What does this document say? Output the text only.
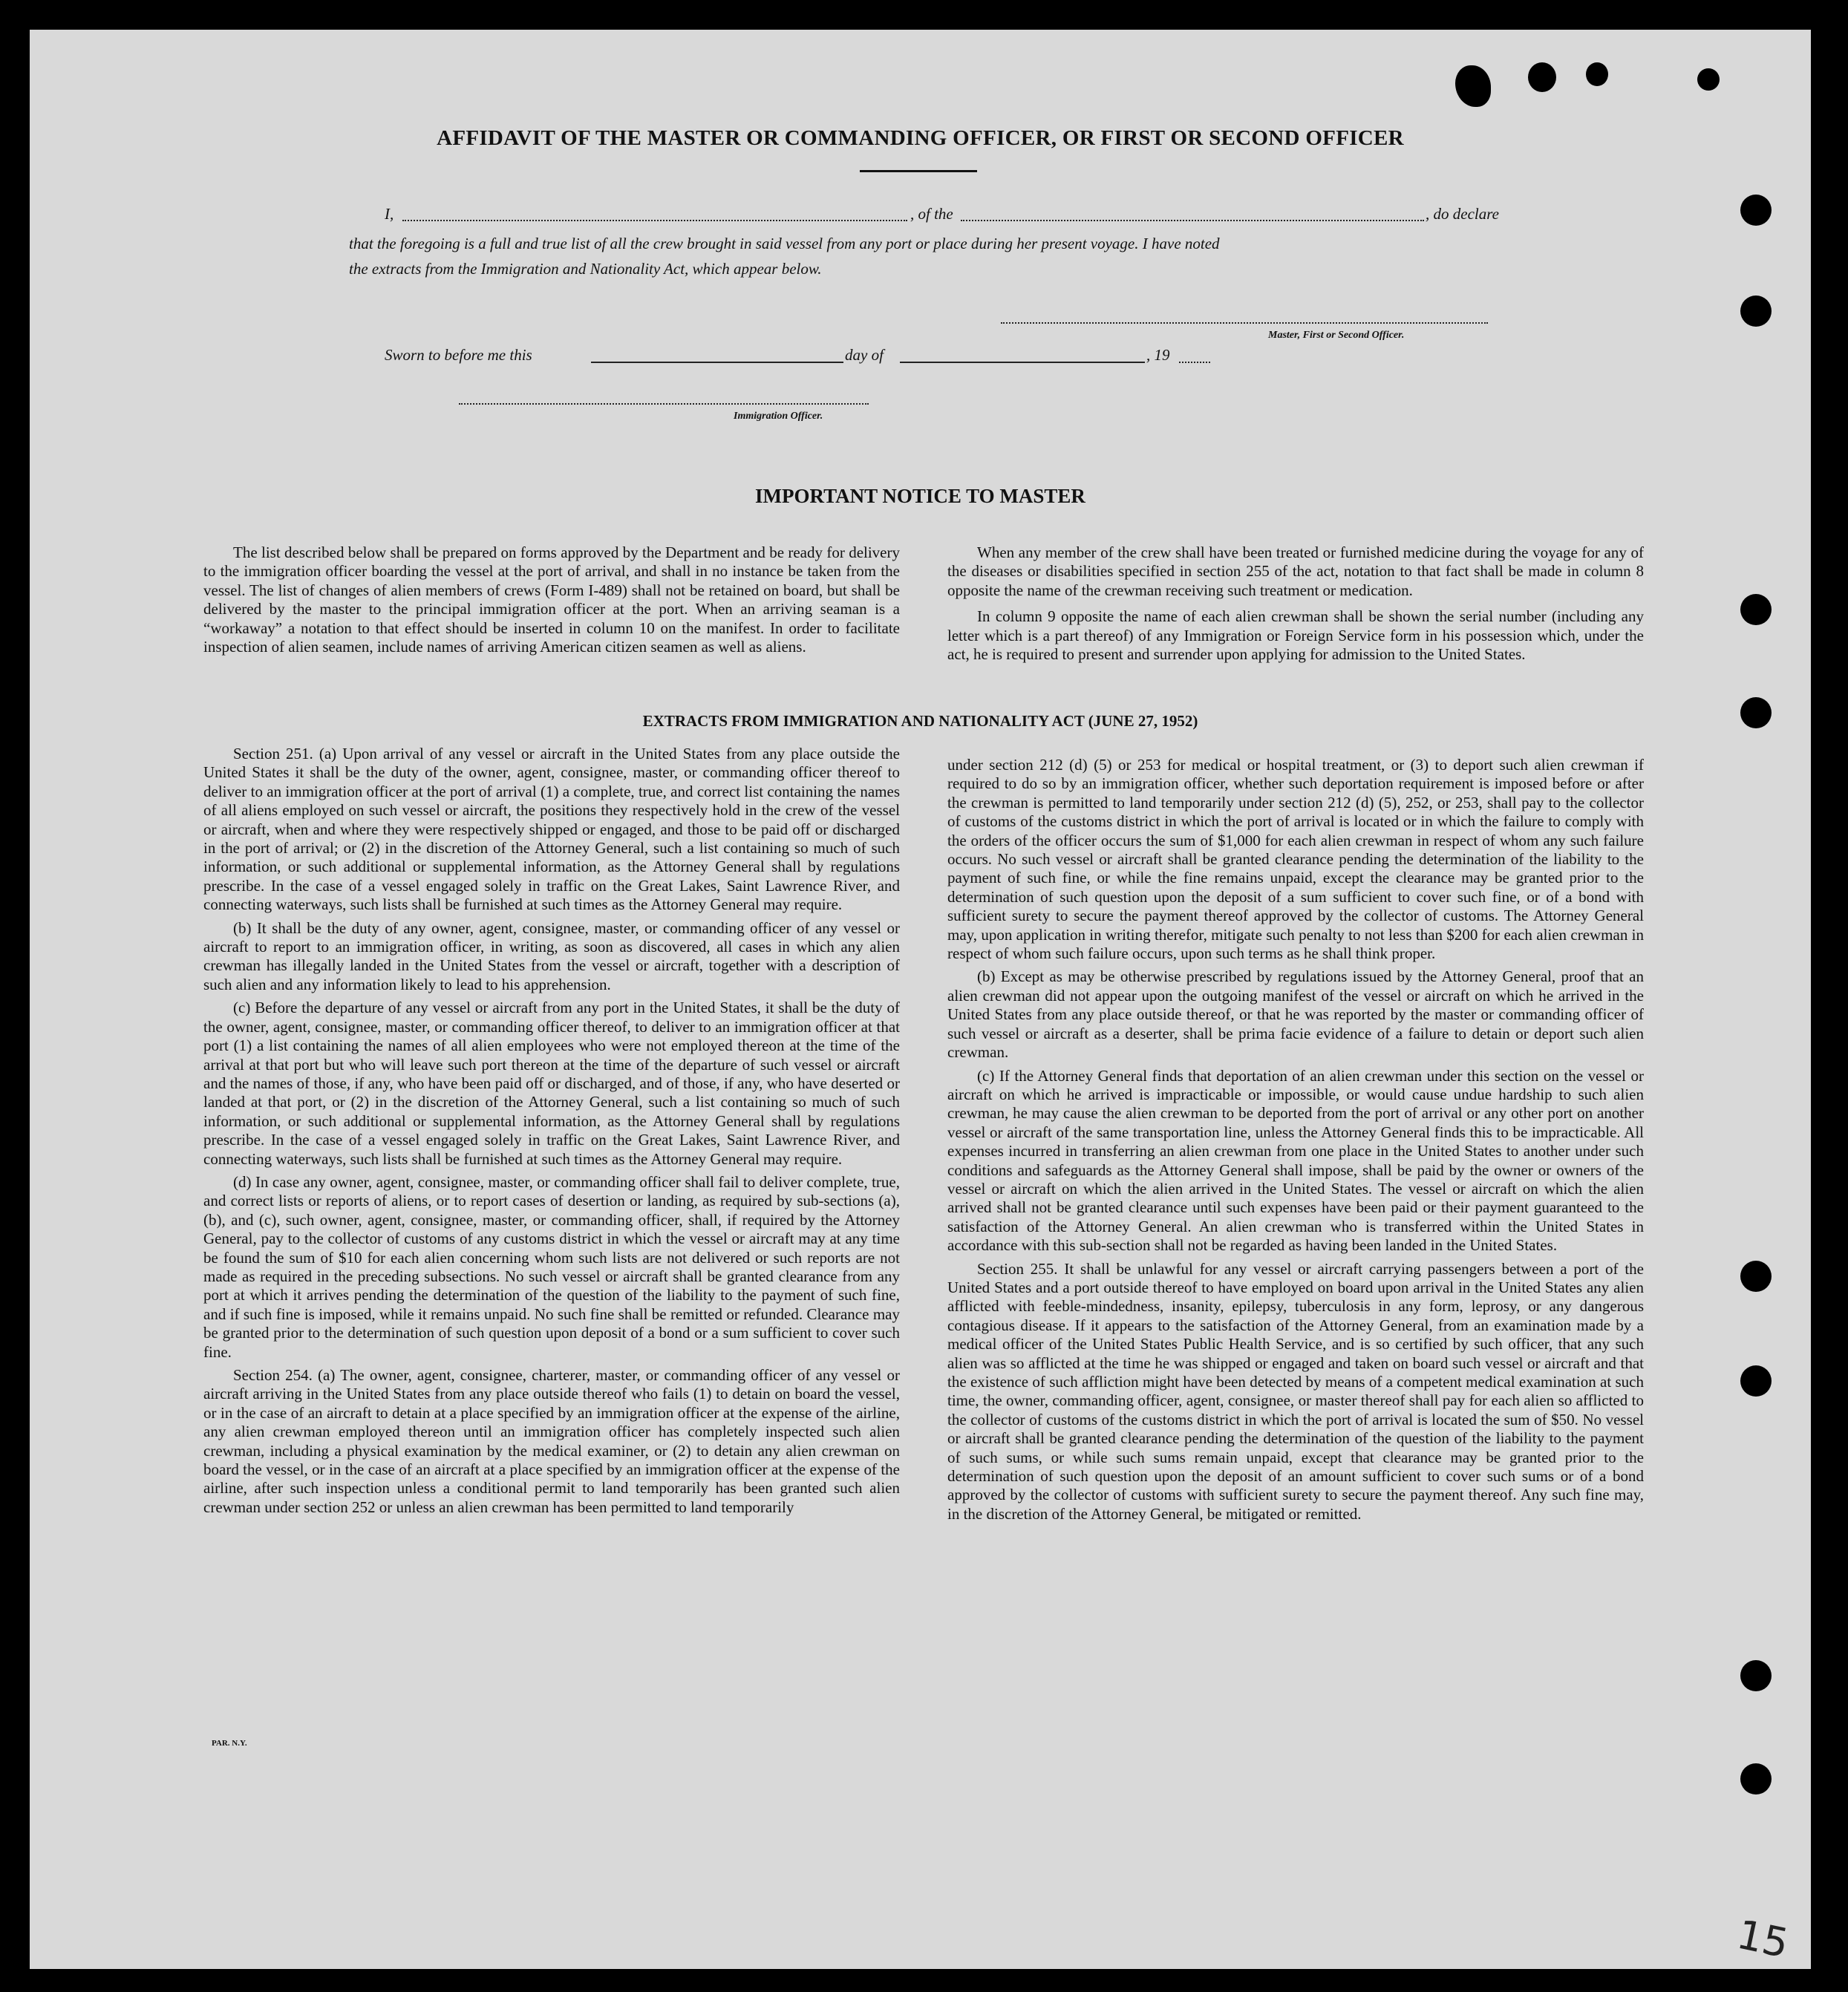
AFFIDAVIT OF THE MASTER OR COMMANDING OFFICER, OR FIRST OR SECOND OFFICER
I,	, of the	, do declare
that the foregoing is a full and true list of all the crew brought in said vessel from any port or place during her present voyage. I have noted
the extracts from the Immigration and Nationality Act, which appear below.
Master, First or Second Officer.
Sworn to before me this	day of	, 19
Immigration Officer.
IMPORTANT NOTICE TO MASTER

The list described below shall be prepared on forms approved by the Department and be ready for delivery to the immigration officer boarding the vessel at the port of arrival, and shall in no instance be taken from the vessel. The list of changes of alien members of crews (Form I-489) shall not be retained on board, but shall be delivered by the master to the principal immigration officer at the port. When an arriving seaman is a “workaway” a notation to that effect should be inserted in column 10 on the manifest. In order to facilitate inspection of alien seamen, include names of arriving American citizen seamen as well as aliens.

When any member of the crew shall have been treated or furnished medicine during the voyage for any of the diseases or disabilities specified in section 255 of the act, notation to that fact shall be made in column 8 opposite the name of the crewman receiving such treatment or medication.

In column 9 opposite the name of each alien crewman shall be shown the serial number (including any letter which is a part thereof) of any Immigration or Foreign Service form in his possession which, under the act, he is required to present and surrender upon applying for admission to the United States.

EXTRACTS FROM IMMIGRATION AND NATIONALITY ACT (JUNE 27, 1952)

Section 251. (a) Upon arrival of any vessel or aircraft in the United States from any place outside the United States it shall be the duty of the owner, agent, consignee, master, or commanding officer thereof to deliver to an immigration officer at the port of arrival (1) a complete, true, and correct list containing the names of all aliens employed on such vessel or aircraft, the positions they respectively hold in the crew of the vessel or aircraft, when and where they were respectively shipped or engaged, and those to be paid off or discharged in the port of arrival; or (2) in the discretion of the Attorney General, such a list containing so much of such information, or such additional or supplemental information, as the Attorney General shall by regulations prescribe. In the case of a vessel engaged solely in traffic on the Great Lakes, Saint Lawrence River, and connecting waterways, such lists shall be furnished at such times as the Attorney General may require.

(b) It shall be the duty of any owner, agent, consignee, master, or commanding officer of any vessel or aircraft to report to an immigration officer, in writing, as soon as discovered, all cases in which any alien crewman has illegally landed in the United States from the vessel or aircraft, together with a description of such alien and any information likely to lead to his apprehension.

(c) Before the departure of any vessel or aircraft from any port in the United States, it shall be the duty of the owner, agent, consignee, master, or commanding officer thereof, to deliver to an immigration officer at that port (1) a list containing the names of all alien employees who were not employed thereon at the time of the arrival at that port but who will leave such port thereon at the time of the departure of such vessel or aircraft and the names of those, if any, who have been paid off or discharged, and of those, if any, who have deserted or landed at that port, or (2) in the discretion of the Attorney General, such a list containing so much of such information, or such additional or supplemental information, as the Attorney General shall by regulations prescribe. In the case of a vessel engaged solely in traffic on the Great Lakes, Saint Lawrence River, and connecting waterways, such lists shall be furnished at such times as the Attorney General may require.

(d) In case any owner, agent, consignee, master, or commanding officer shall fail to deliver complete, true, and correct lists or reports of aliens, or to report cases of desertion or landing, as required by sub-sections (a), (b), and (c), such owner, agent, consignee, master, or commanding officer, shall, if required by the Attorney General, pay to the collector of customs of any customs district in which the vessel or aircraft may at any time be found the sum of $10 for each alien concerning whom such lists are not delivered or such reports are not made as required in the preceding subsections. No such vessel or aircraft shall be granted clearance from any port at which it arrives pending the determination of the question of the liability to the payment of such fine, and if such fine is imposed, while it remains unpaid. No such fine shall be remitted or refunded. Clearance may be granted prior to the determination of such question upon deposit of a bond or a sum sufficient to cover such fine.

Section 254. (a) The owner, agent, consignee, charterer, master, or commanding officer of any vessel or aircraft arriving in the United States from any place outside thereof who fails (1) to detain on board the vessel, or in the case of an aircraft to detain at a place specified by an immigration officer at the expense of the airline, any alien crewman employed thereon until an immigration officer has completely inspected such alien crewman, including a physical examination by the medical examiner, or (2) to detain any alien crewman on board the vessel, or in the case of an aircraft at a place specified by an immigration officer at the expense of the airline, after such inspection unless a conditional permit to land temporarily has been granted such alien crewman under section 252 or unless an alien crewman has been permitted to land temporarily

under section 212 (d) (5) or 253 for medical or hospital treatment, or (3) to deport such alien crewman if required to do so by an immigration officer, whether such deportation requirement is imposed before or after the crewman is permitted to land temporarily under section 212 (d) (5), 252, or 253, shall pay to the collector of customs of the customs district in which the port of arrival is located or in which the failure to comply with the orders of the officer occurs the sum of $1,000 for each alien crewman in respect of whom any such failure occurs. No such vessel or aircraft shall be granted clearance pending the determination of the liability to the payment of such fine, or while the fine remains unpaid, except the clearance may be granted prior to the determination of such question upon the deposit of a sum sufficient to cover such fine, or of a bond with sufficient surety to secure the payment thereof approved by the collector of customs. The Attorney General may, upon application in writing therefor, mitigate such penalty to not less than $200 for each alien crewman in respect of whom such failure occurs, upon such terms as he shall think proper.

(b) Except as may be otherwise prescribed by regulations issued by the Attorney General, proof that an alien crewman did not appear upon the outgoing manifest of the vessel or aircraft on which he arrived in the United States from any place outside thereof, or that he was reported by the master or commanding officer of such vessel or aircraft as a deserter, shall be prima facie evidence of a failure to detain or deport such alien crewman.

(c) If the Attorney General finds that deportation of an alien crewman under this section on the vessel or aircraft on which he arrived is impracticable or impossible, or would cause undue hardship to such alien crewman, he may cause the alien crewman to be deported from the port of arrival or any other port on another vessel or aircraft of the same transportation line, unless the Attorney General finds this to be impracticable. All expenses incurred in transferring an alien crewman from one place in the United States to another under such conditions and safeguards as the Attorney General shall impose, shall be paid by the owner or owners of the vessel or aircraft on which the alien arrived in the United States. The vessel or aircraft on which the alien arrived shall not be granted clearance until such expenses have been paid or their payment guaranteed to the satisfaction of the Attorney General. An alien crewman who is transferred within the United States in accordance with this sub-section shall not be regarded as having been landed in the United States.

Section 255. It shall be unlawful for any vessel or aircraft carrying passengers between a port of the United States and a port outside thereof to have employed on board upon arrival in the United States any alien afflicted with feeble-mindedness, insanity, epilepsy, tuberculosis in any form, leprosy, or any dangerous contagious disease. If it appears to the satisfaction of the Attorney General, from an examination made by a medical officer of the United States Public Health Service, and is so certified by such officer, that any such alien was so afflicted at the time he was shipped or engaged and taken on board such vessel or aircraft and that the existence of such affliction might have been detected by means of a competent medical examination at such time, the owner, commanding officer, agent, consignee, or master thereof shall pay for each alien so afflicted to the collector of customs of the customs district in which the port of arrival is located the sum of $50. No vessel or aircraft shall be granted clearance pending the determination of the question of the liability to the payment of such sums, or while such sums remain unpaid, except that clearance may be granted prior to the determination of such question upon the deposit of an amount sufficient to cover such sums or of a bond approved by the collector of customs with sufficient surety to secure the payment thereof. Any such fine may, in the discretion of the Attorney General, be mitigated or remitted.

PAR. N.Y.
15
